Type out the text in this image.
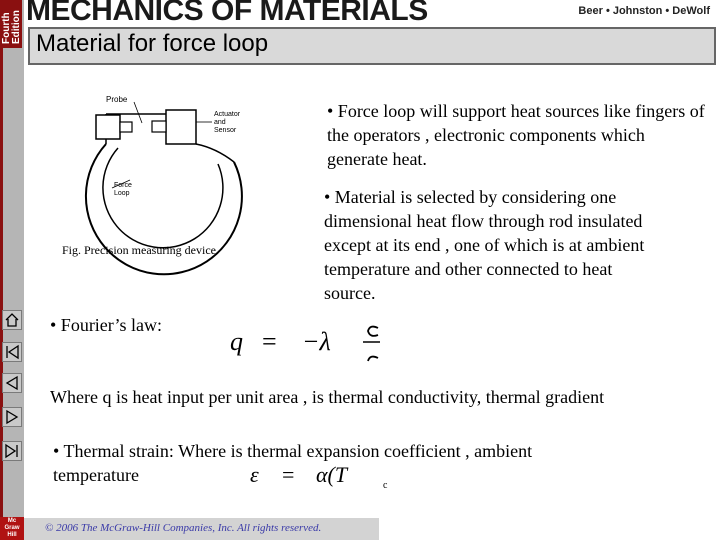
Fourth Edition
Mc
Graw
Hill
MECHANICS OF MATERIALS	Beer • Johnston • DeWolf
Material for force loop
Probe
Actuator
and
Sensor
Force
Loop
Fig. Precision measuring device.
• Force loop will support heat sources like fingers of the operators , electronic components which generate heat.
• Material is selected by considering one dimensional heat flow through rod insulated except at its end , one of which is at ambient temperature and other connected to heat source.
• Fourier’s law:
q = −λ
Where q is heat input per unit area , is thermal conductivity, thermal gradient
• Thermal strain: Where is thermal expansion coefficient , ambient temperature	ε = α(T	c
© 2006 The McGraw-Hill Companies, Inc. All rights reserved.
